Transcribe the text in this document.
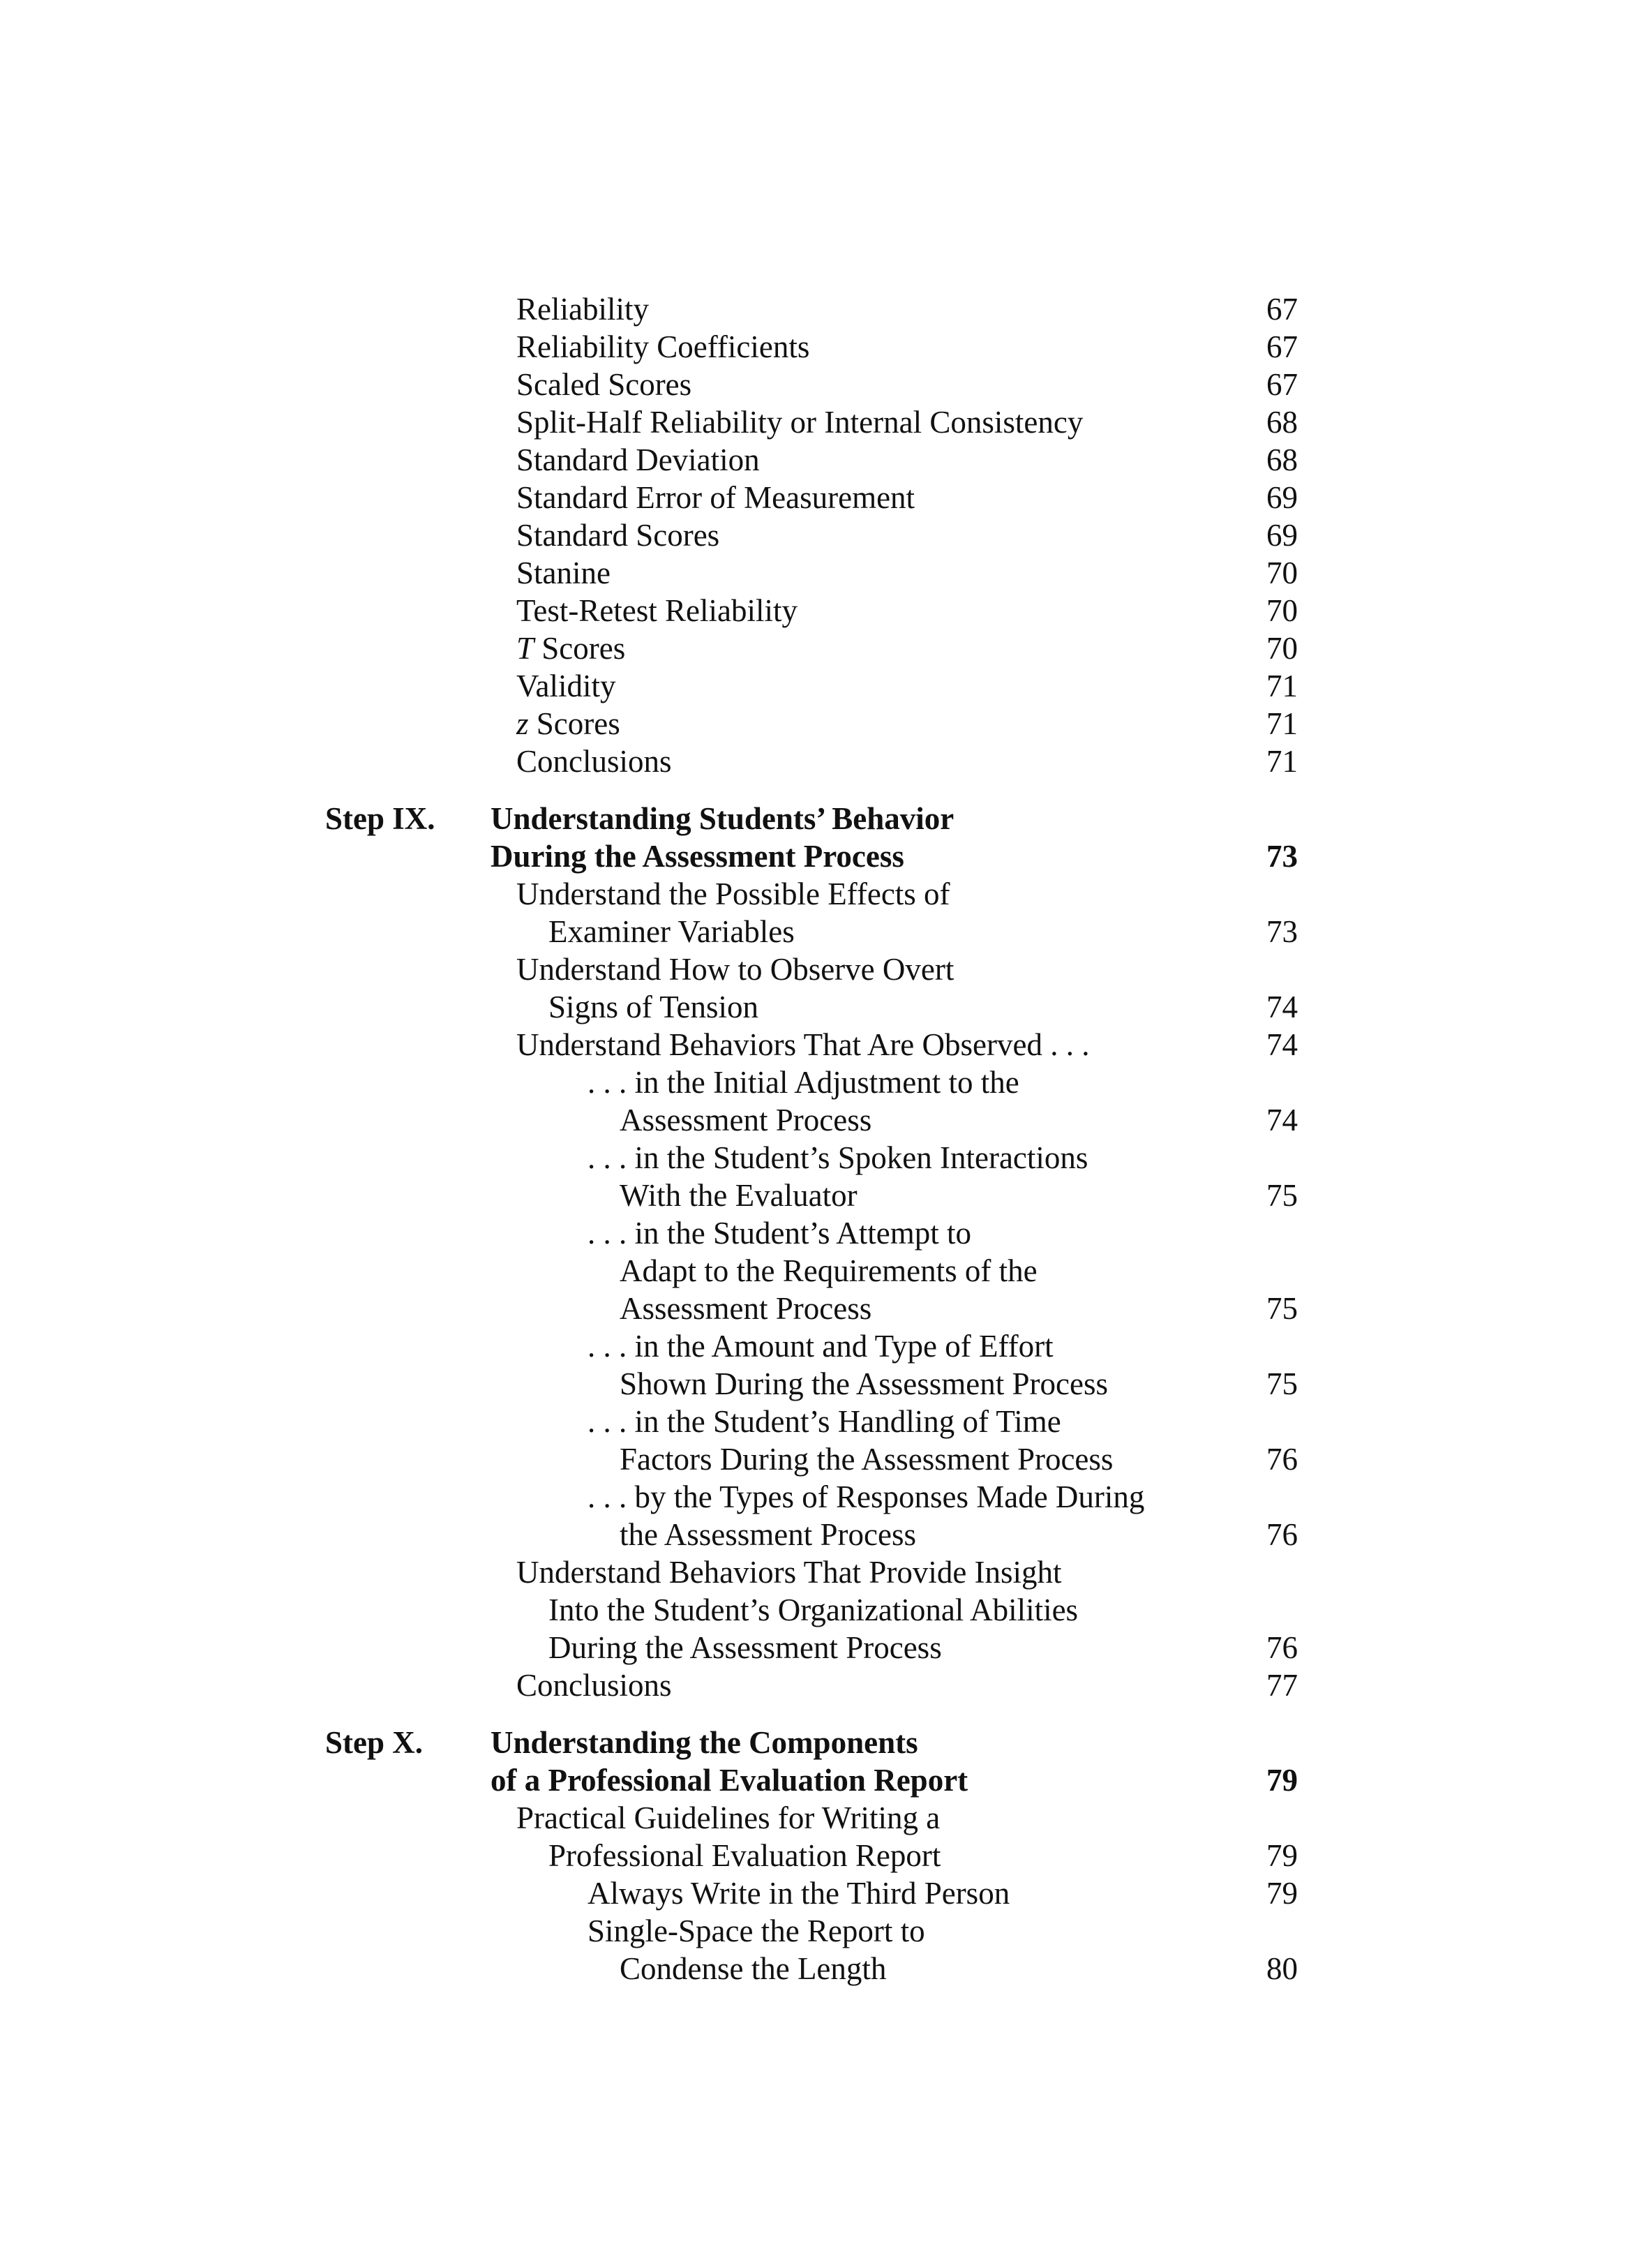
Reliability	67
Reliability Coefficients	67
Scaled Scores	67
Split-Half Reliability or Internal Consistency	68
Standard Deviation	68
Standard Error of Measurement	69
Standard Scores	69
Stanine	70
Test-Retest Reliability	70
T Scores	70
Validity	71
z Scores	71
Conclusions	71
Step IX. Understanding Students’ Behavior
During the Assessment Process	73
Understand the Possible Effects of
Examiner Variables	73
Understand How to Observe Overt
Signs of Tension	74
Understand Behaviors That Are Observed . . .	74
. . . in the Initial Adjustment to the
Assessment Process	74
. . . in the Student’s Spoken Interactions
With the Evaluator	75
. . . in the Student’s Attempt to
Adapt to the Requirements of the
Assessment Process	75
. . . in the Amount and Type of Effort
Shown During the Assessment Process	75
. . . in the Student’s Handling of Time
Factors During the Assessment Process	76
. . . by the Types of Responses Made During
the Assessment Process	76
Understand Behaviors That Provide Insight
Into the Student’s Organizational Abilities
During the Assessment Process	76
Conclusions	77
Step X. Understanding the Components
of a Professional Evaluation Report	79
Practical Guidelines for Writing a
Professional Evaluation Report	79
Always Write in the Third Person	79
Single-Space the Report to
Condense the Length	80
